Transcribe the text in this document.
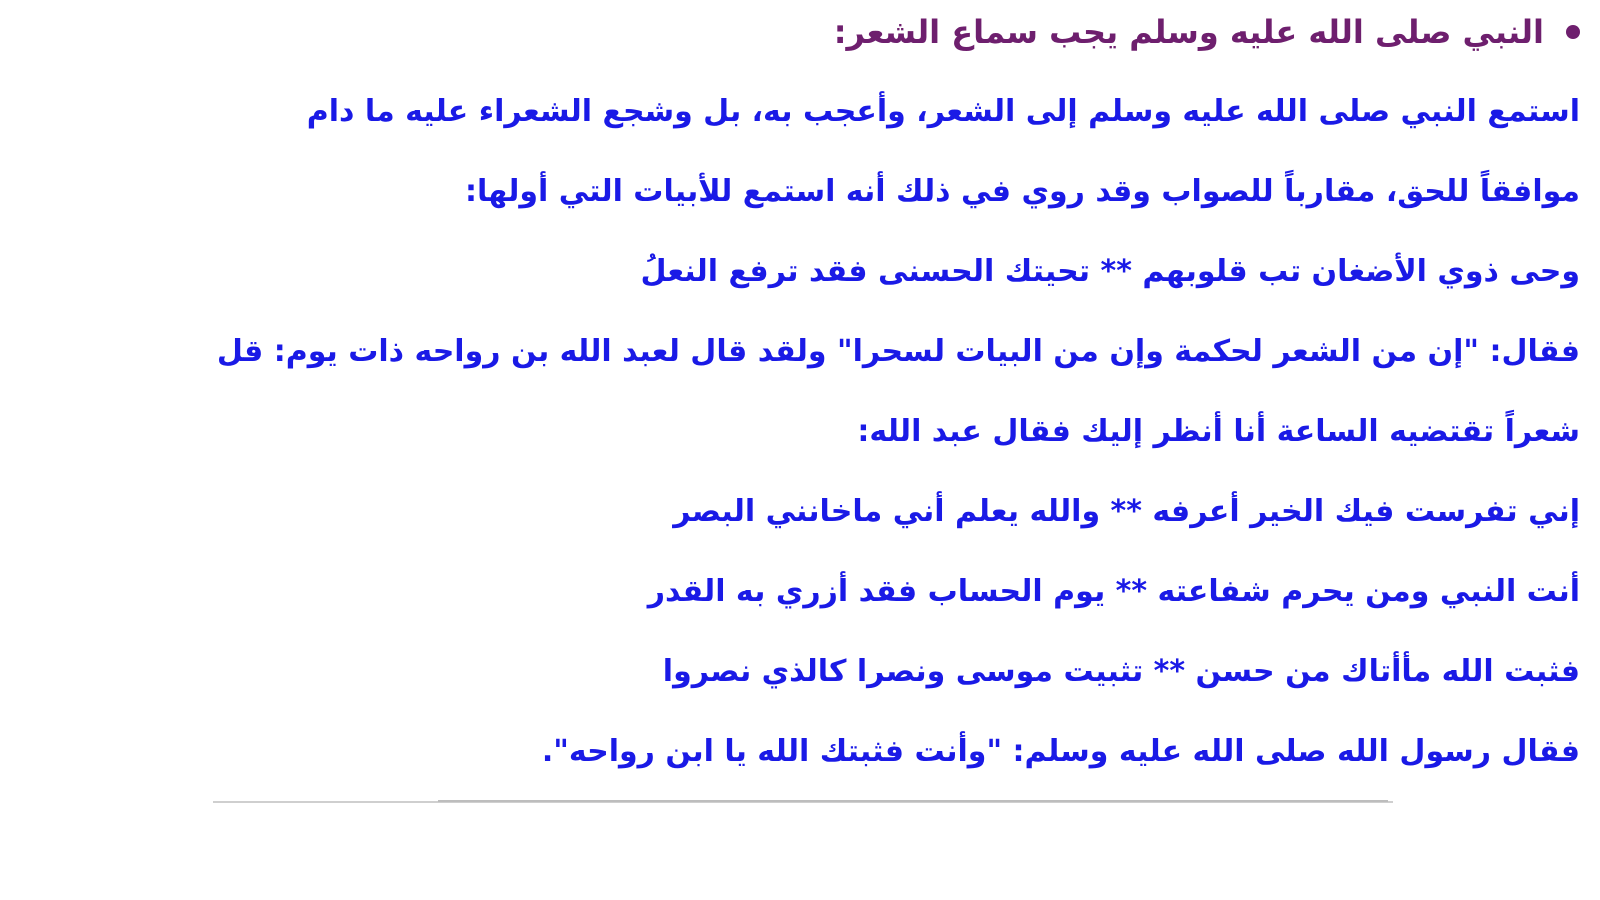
النبي صلى الله عليه وسلم يجب سماع الشعر:
استمع النبي صلى الله عليه وسلم إلى الشعر، وأعجب به، بل وشجع الشعراء عليه ما دام
موافقاً للحق، مقارباً للصواب وقد روي في ذلك أنه استمع للأبيات التي أولها:
وحى ذوي الأضغان تب قلوبهم ** تحيتك الحسنى فقد ترفع النعلُ
فقال: "إن من الشعر لحكمة وإن من البيات لسحرا" ولقد قال لعبد الله بن رواحه ذات يوم: قل
شعراً تقتضيه الساعة أنا أنظر إليك فقال عبد الله:
إني تفرست فيك الخير أعرفه ** والله يعلم أني ماخانني البصر
أنت النبي ومن يحرم شفاعته ** يوم الحساب فقد أزري به القدر
فثبت الله مأأتاك من حسن ** تثبيت موسى ونصرا كالذي نصروا
فقال رسول الله صلى الله عليه وسلم: "وأنت فثبتك الله يا ابن رواحه".
